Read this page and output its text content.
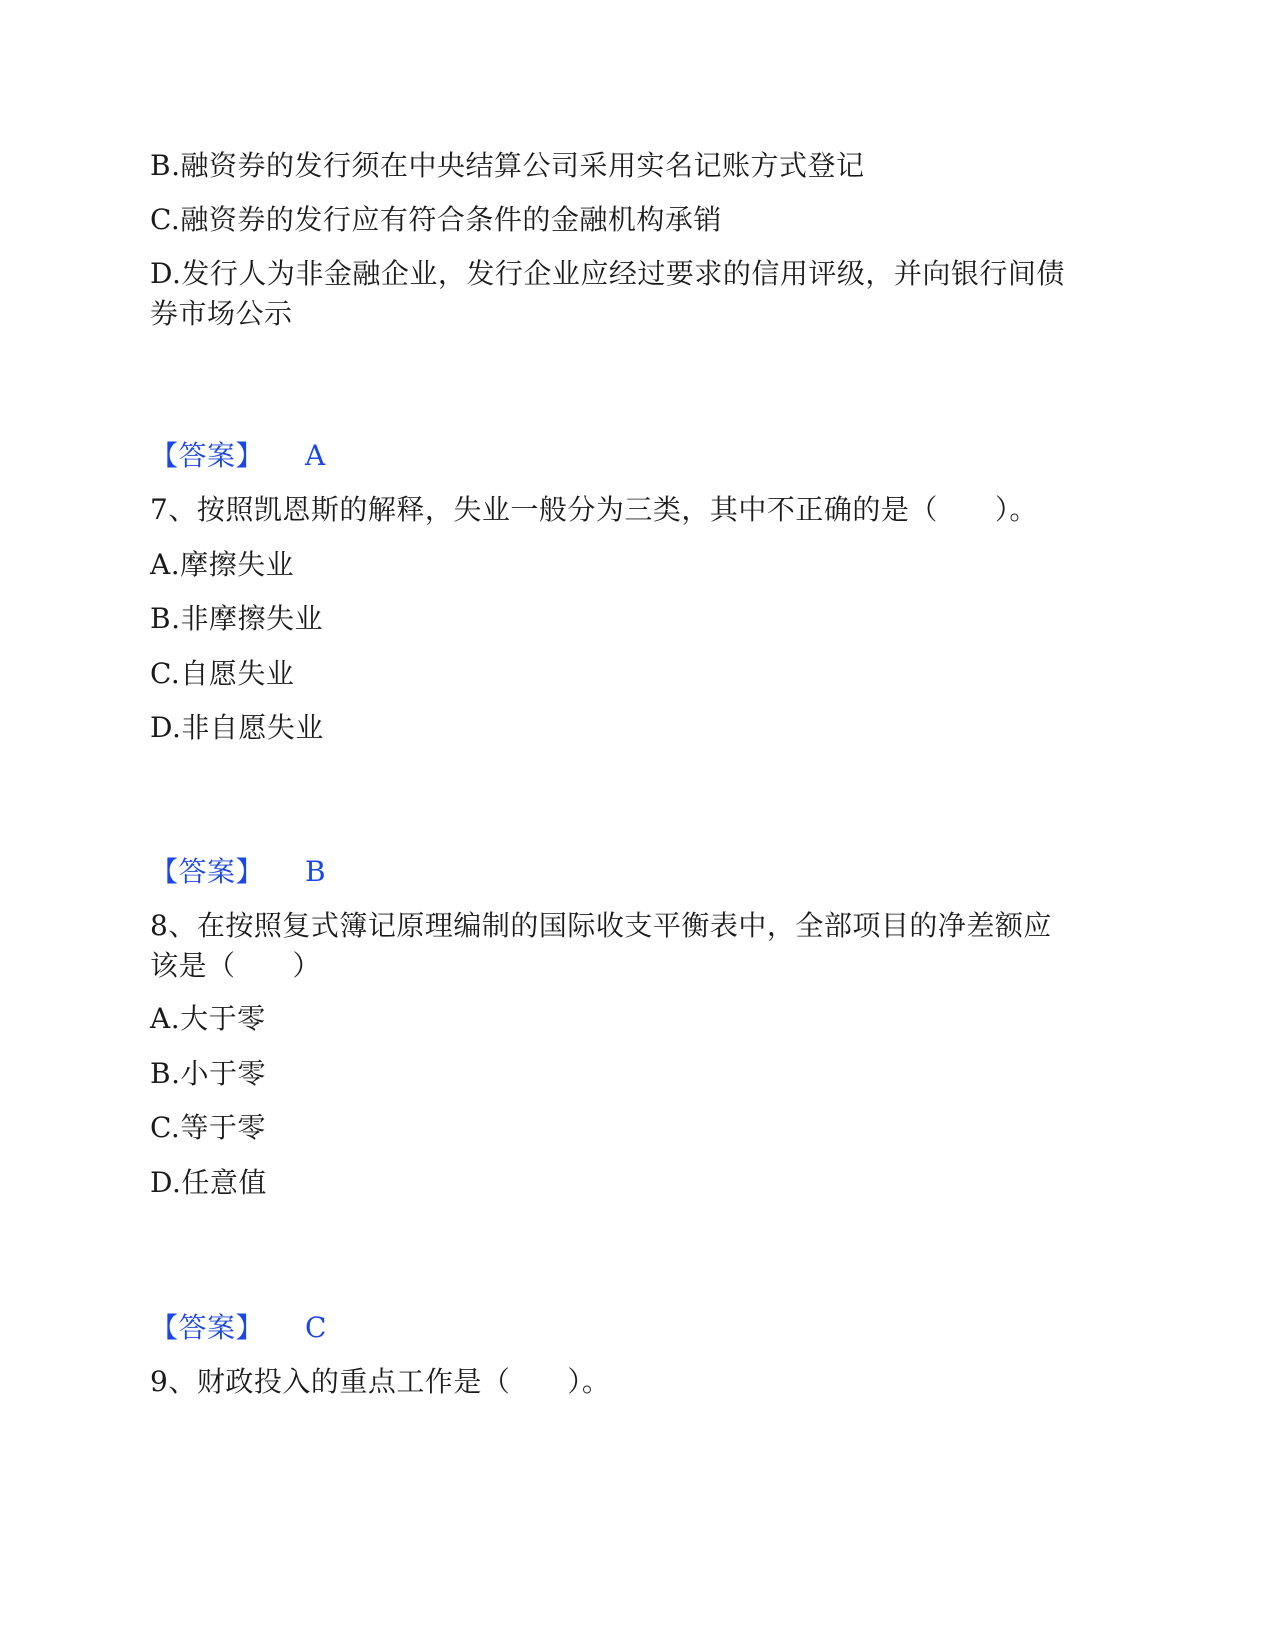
B.融资券的发行须在中央结算公司采用实名记账方式登记
C.融资券的发行应有符合条件的金融机构承销
D.发行人为非金融企业，发行企业应经过要求的信用评级，并向银行间债券市场公示
【答案】 A
7、按照凯恩斯的解释，失业一般分为三类，其中不正确的是（　　）。
A.摩擦失业
B.非摩擦失业
C.自愿失业
D.非自愿失业
【答案】 B
8、在按照复式簿记原理编制的国际收支平衡表中，全部项目的净差额应该是（　　）
A.大于零
B.小于零
C.等于零
D.任意值
【答案】 C
9、财政投入的重点工作是（　　）。
